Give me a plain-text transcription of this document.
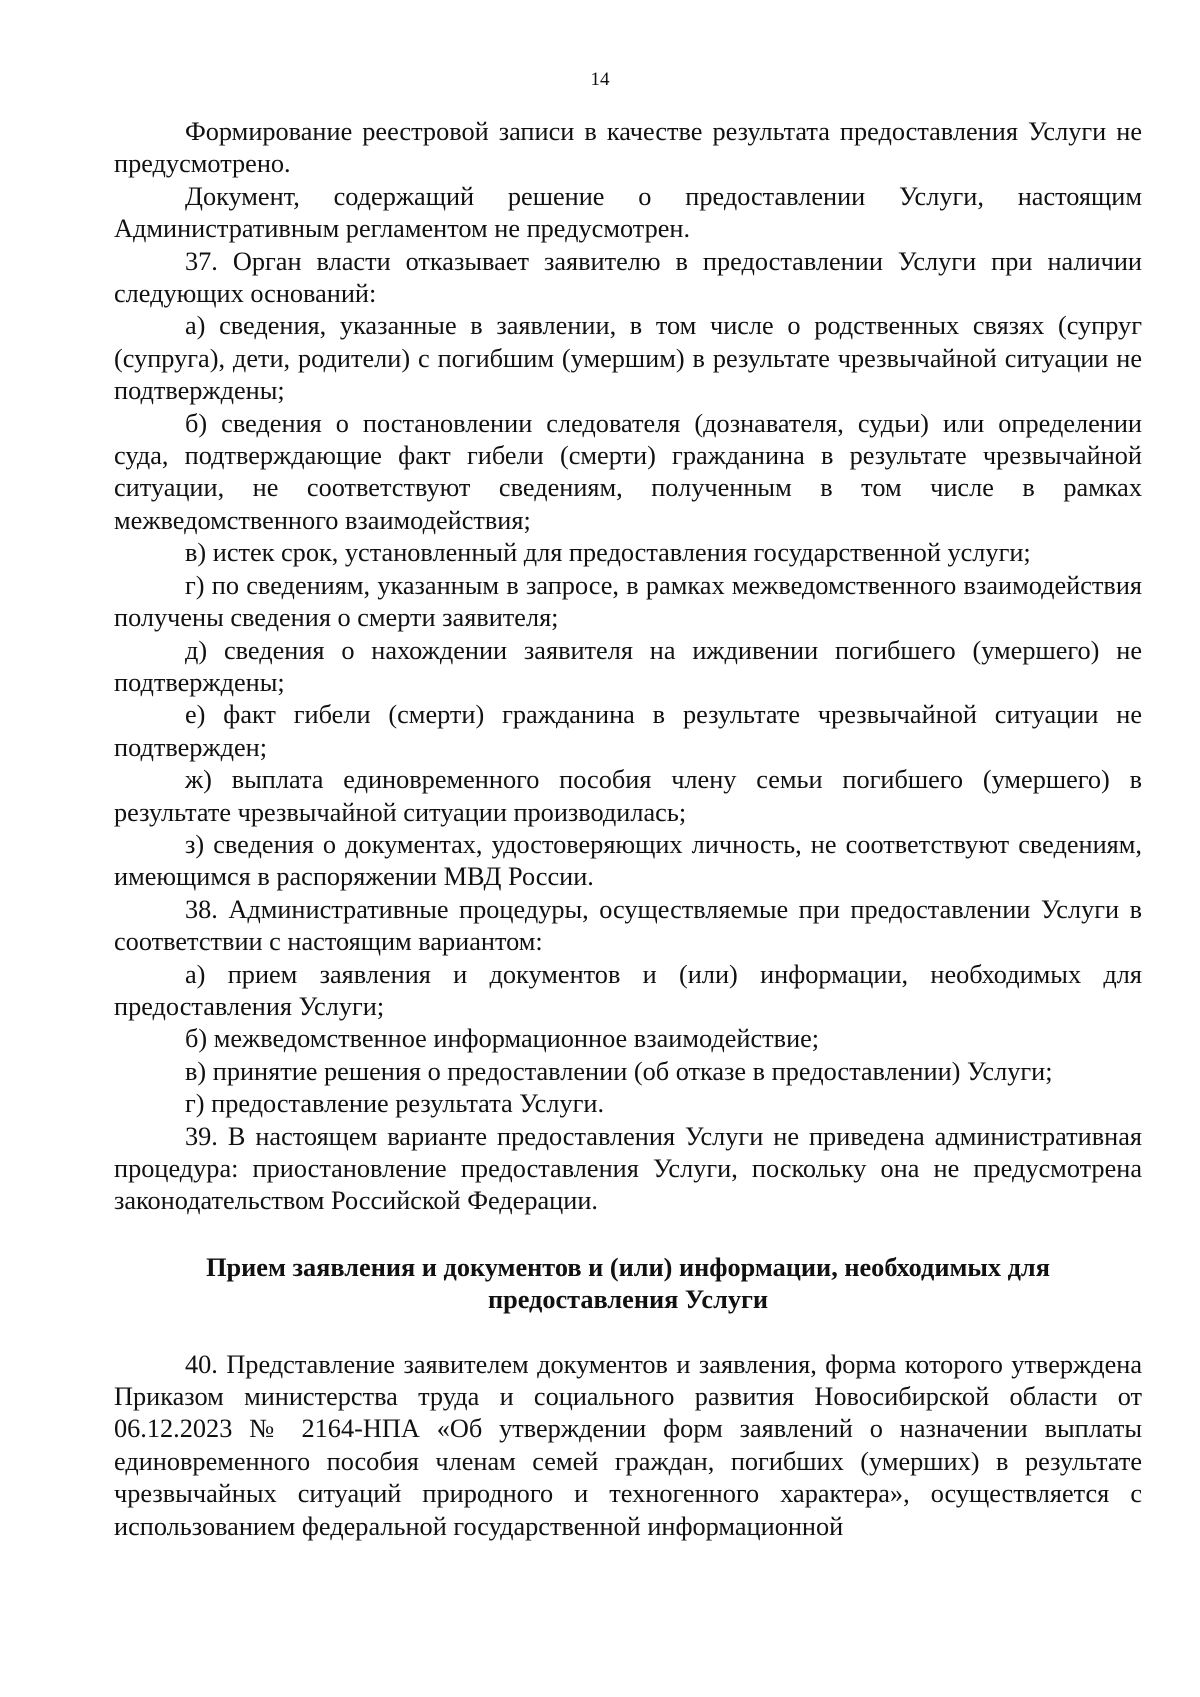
14

Формирование реестровой записи в качестве результата предоставления Услуги не предусмотрено.

Документ, содержащий решение о предоставлении Услуги, настоящим Административным регламентом не предусмотрен.

37. Орган власти отказывает заявителю в предоставлении Услуги при наличии следующих оснований:

а) сведения, указанные в заявлении, в том числе о родственных связях (супруг (супруга), дети, родители) с погибшим (умершим) в результате чрезвычайной ситуации не подтверждены;

б) сведения о постановлении следователя (дознавателя, судьи) или определении суда, подтверждающие факт гибели (смерти) гражданина в результате чрезвычайной ситуации, не соответствуют сведениям, полученным в том числе в рамках межведомственного взаимодействия;

в) истек срок, установленный для предоставления государственной услуги;

г) по сведениям, указанным в запросе, в рамках межведомственного взаимодействия получены сведения о смерти заявителя;

д) сведения о нахождении заявителя на иждивении погибшего (умершего) не подтверждены;

е) факт гибели (смерти) гражданина в результате чрезвычайной ситуации не подтвержден;

ж) выплата единовременного пособия члену семьи погибшего (умершего) в результате чрезвычайной ситуации производилась;

з) сведения о документах, удостоверяющих личность, не соответствуют сведениям, имеющимся в распоряжении МВД России.

38. Административные процедуры, осуществляемые при предоставлении Услуги в соответствии с настоящим вариантом:

а) прием заявления и документов и (или) информации, необходимых для предоставления Услуги;

б) межведомственное информационное взаимодействие;

в) принятие решения о предоставлении (об отказе в предоставлении) Услуги;

г) предоставление результата Услуги.

39. В настоящем варианте предоставления Услуги не приведена административная процедура: приостановление предоставления Услуги, поскольку она не предусмотрена законодательством Российской Федерации.

Прием заявления и документов и (или) информации, необходимых для предоставления Услуги

40. Представление заявителем документов и заявления, форма которого утверждена Приказом министерства труда и социального развития Новосибирской области от 06.12.2023 № 2164-НПА «Об утверждении форм заявлений о назначении выплаты единовременного пособия членам семей граждан, погибших (умерших) в результате чрезвычайных ситуаций природного и техногенного характера», осуществляется с использованием федеральной государственной информационной
